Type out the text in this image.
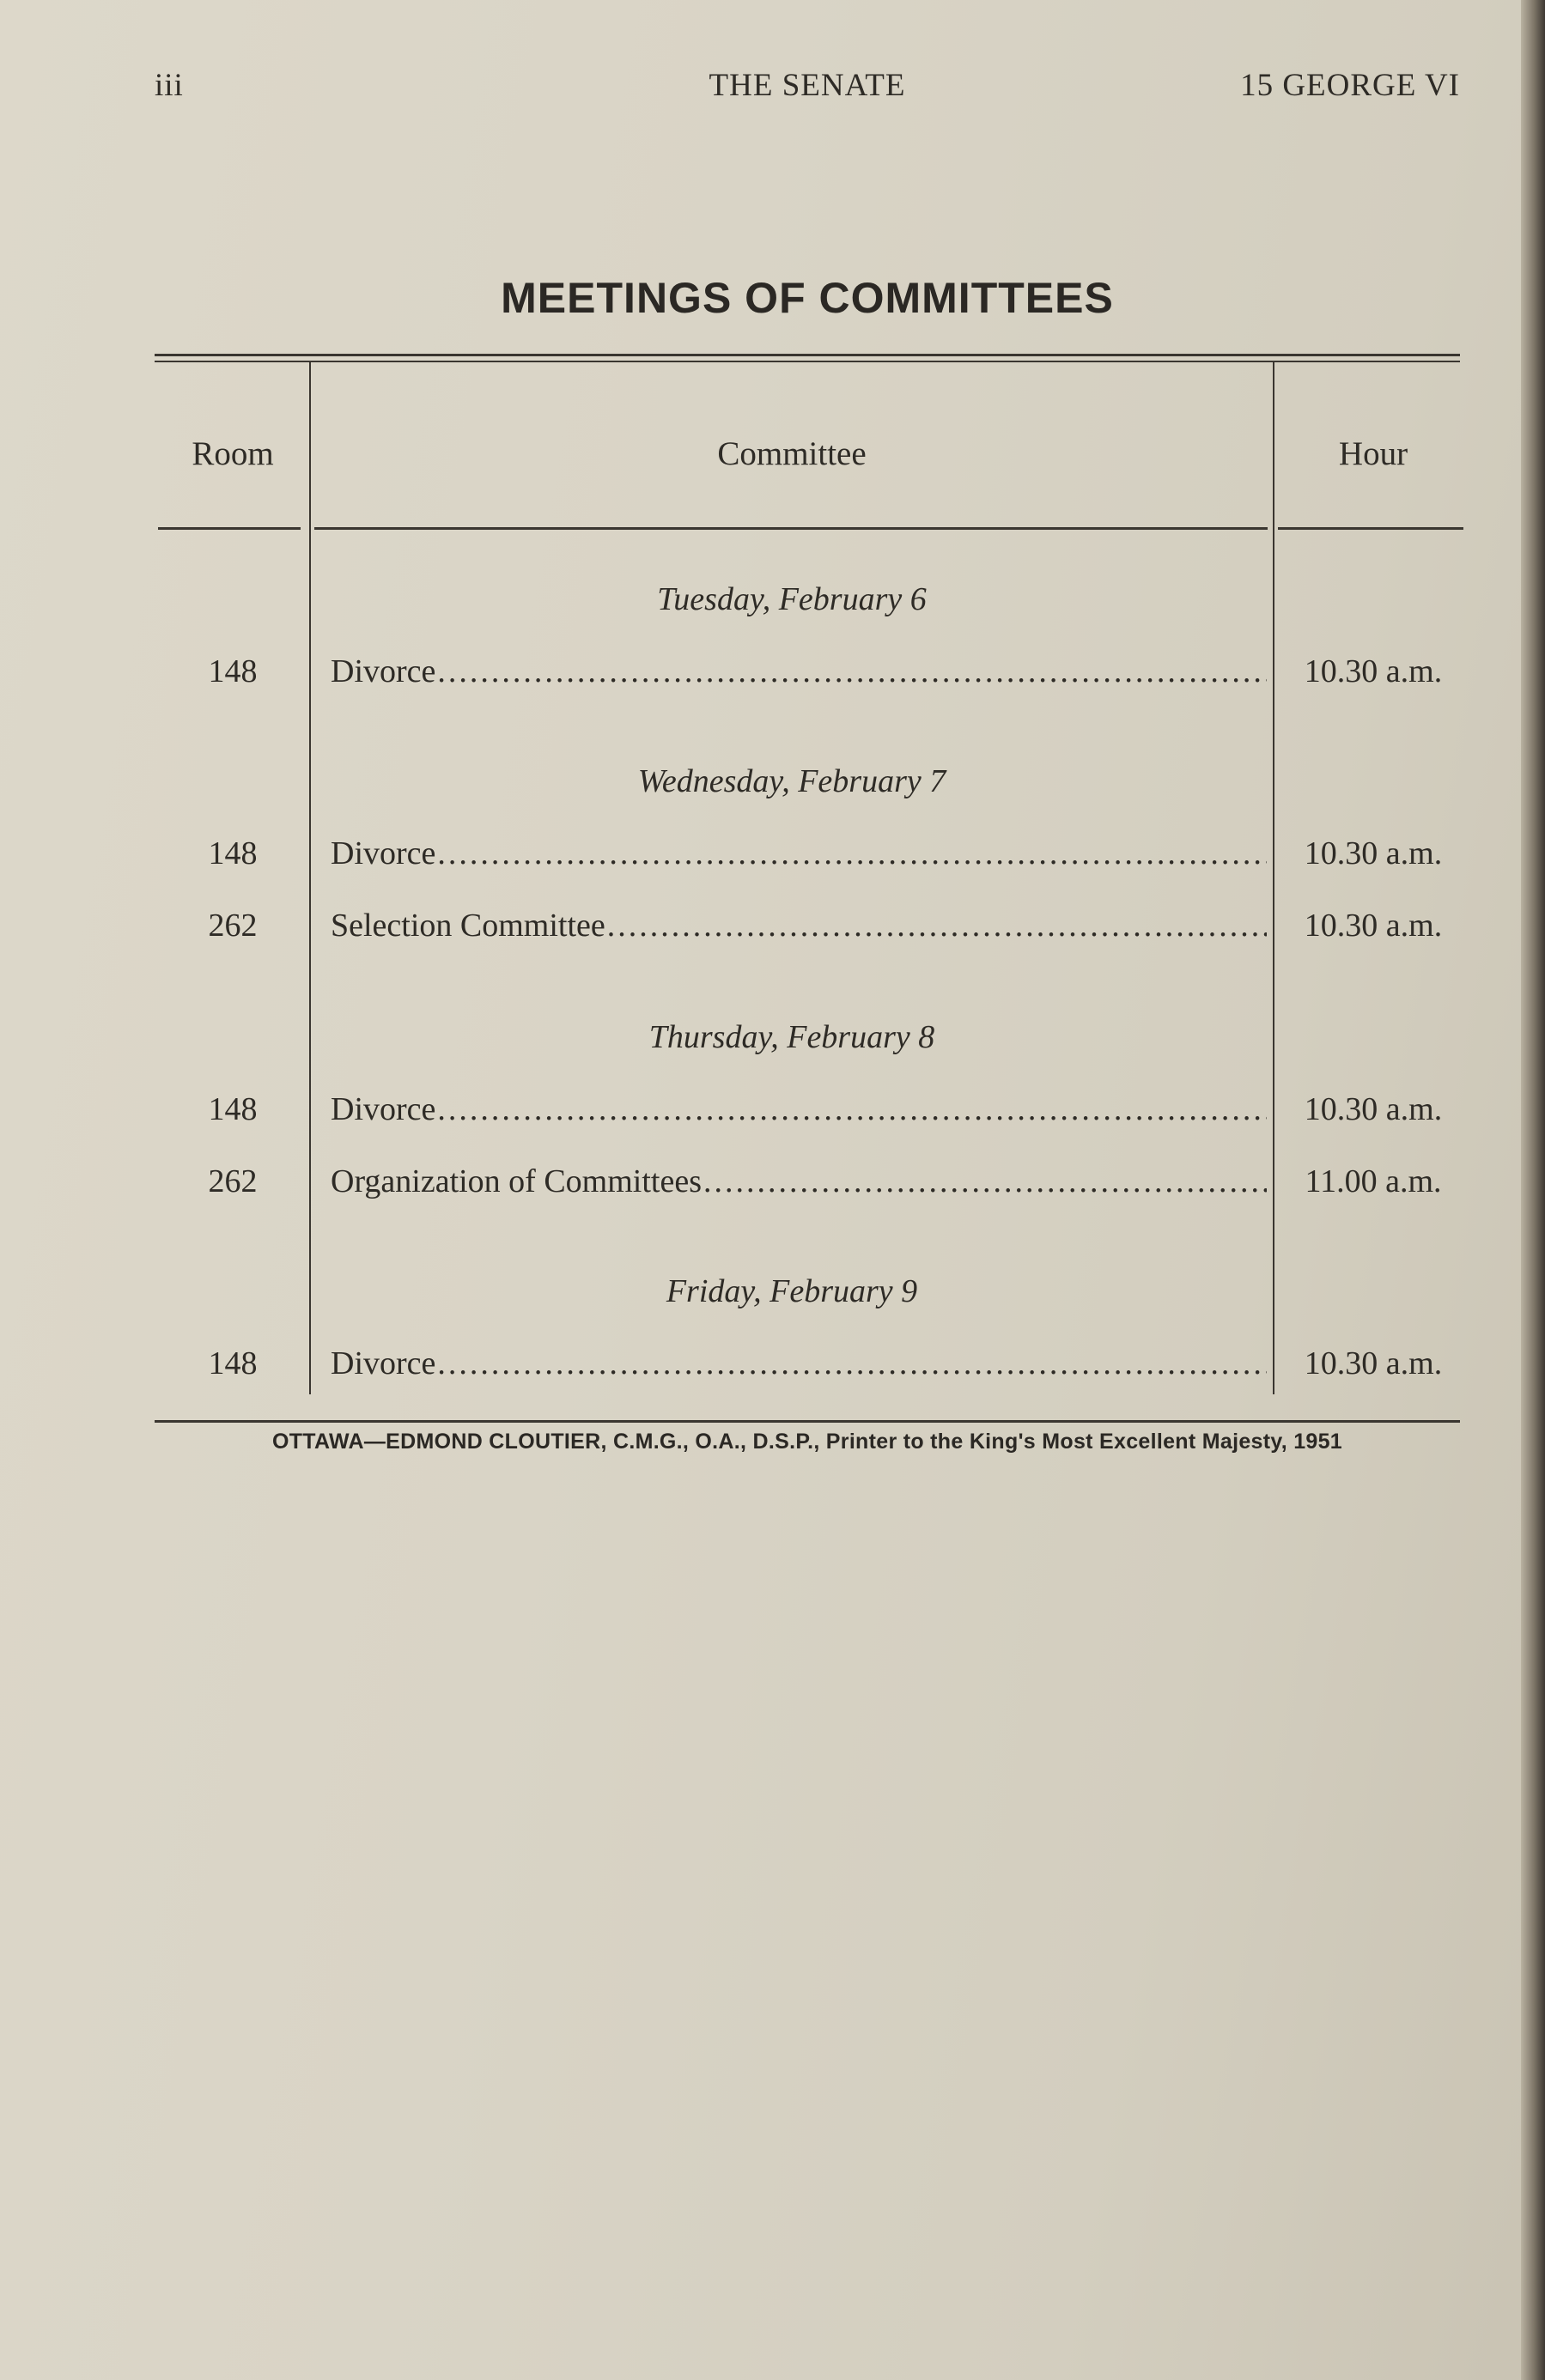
iii	THE SENATE	15 GEORGE VI
MEETINGS OF COMMITTEES
Room	Committee	Hour
Tuesday, February 6
148	Divorce .....	10.30 a.m.
Wednesday, February 7
148	Divorce .....	10.30 a.m.
262	Selection Committee .....	10.30 a.m.
Thursday, February 8
148	Divorce .....	10.30 a.m.
262	Organization of Committees .....	11.00 a.m.
Friday, February 9
148	Divorce .....	10.30 a.m.
OTTAWA—EDMOND CLOUTIER, C.M.G., O.A., D.S.P., Printer to the King's Most Excellent Majesty, 1951
